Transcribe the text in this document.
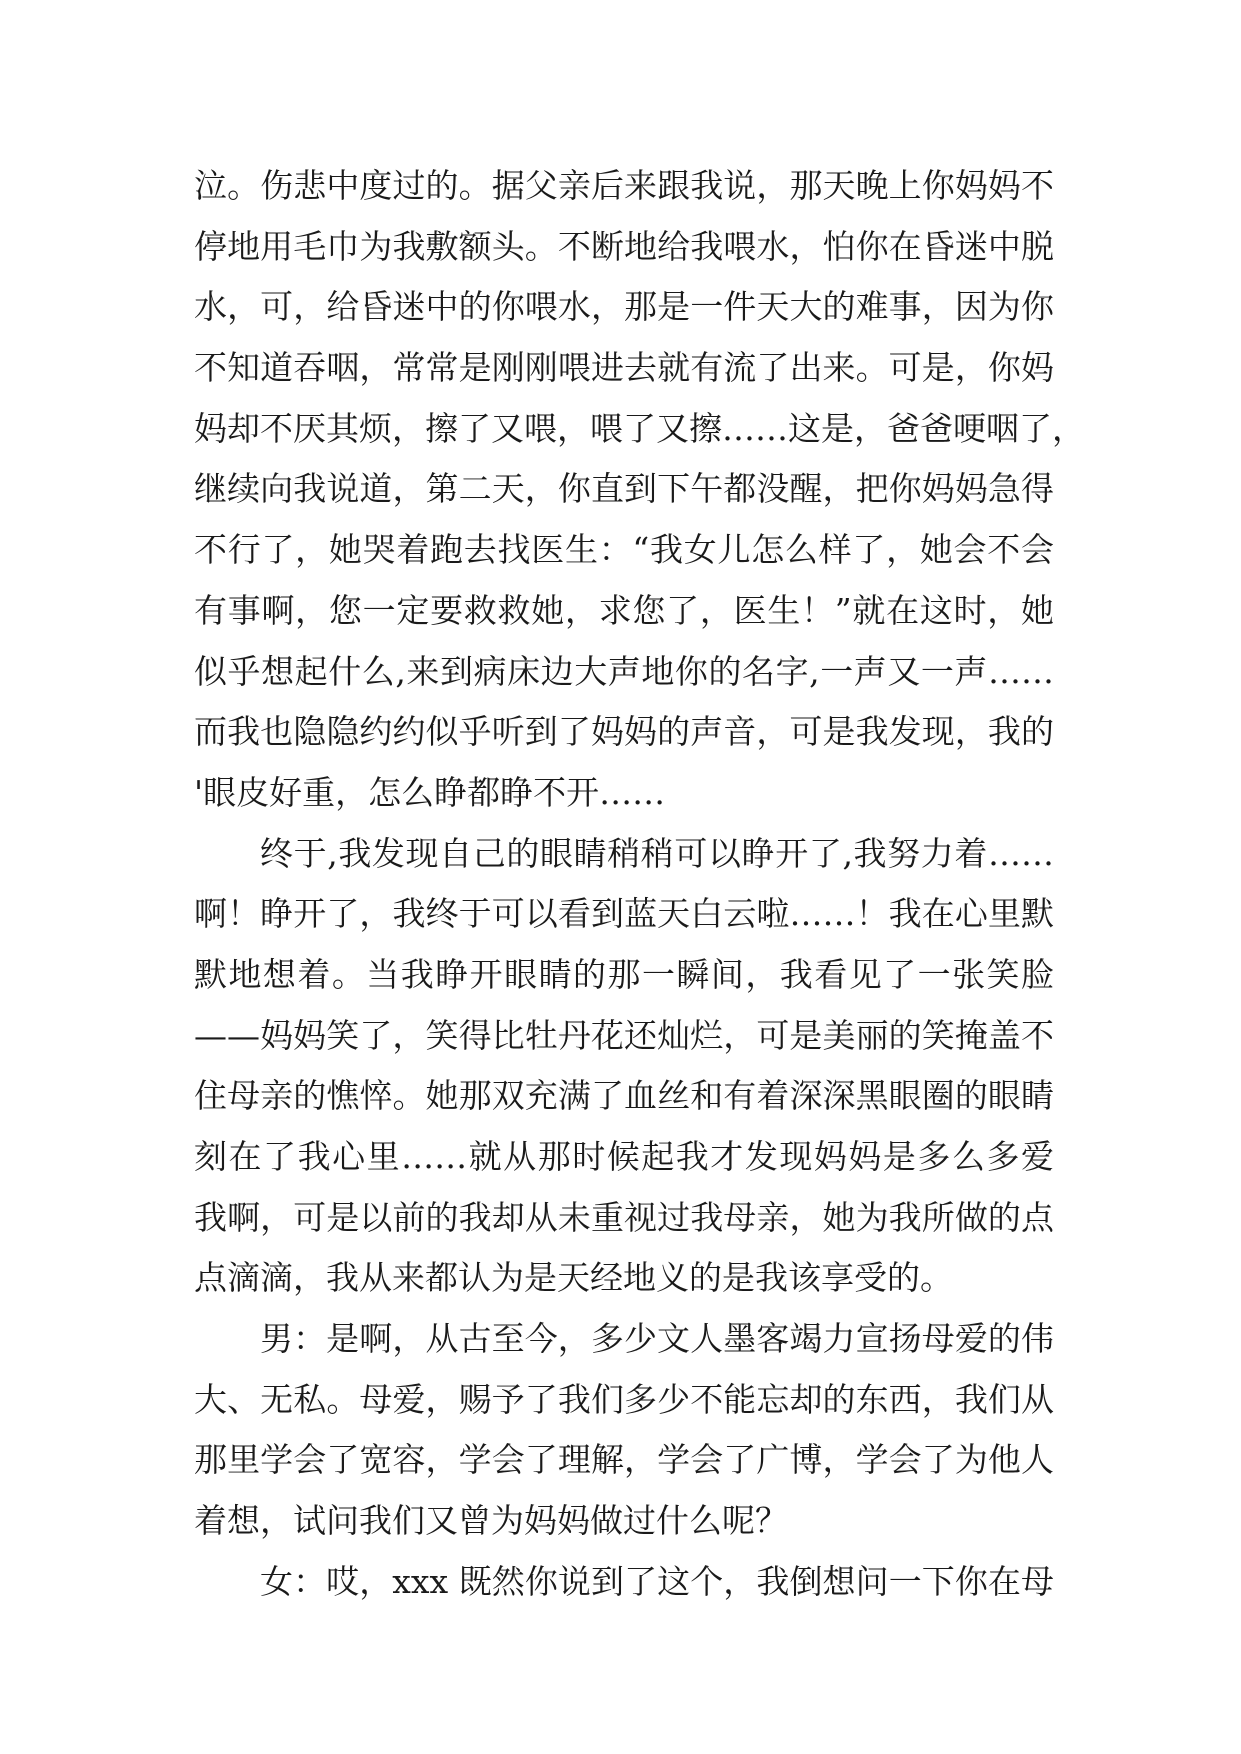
泣。伤悲中度过的。据父亲后来跟我说，那天晚上你妈妈不
停地用毛巾为我敷额头。不断地给我喂水，怕你在昏迷中脱
水，可，给昏迷中的你喂水，那是一件天大的难事，因为你
不知道吞咽，常常是刚刚喂进去就有流了出来。可是，你妈
妈却不厌其烦，擦了又喂，喂了又擦……这是，爸爸哽咽了，
继续向我说道，第二天，你直到下午都没醒，把你妈妈急得
不行了，她哭着跑去找医生：“我女儿怎么样了，她会不会
有事啊，您一定要救救她，求您了，医生！”就在这时，她
似乎想起什么,来到病床边大声地你的名字,一声又一声……
而我也隐隐约约似乎听到了妈妈的声音，可是我发现，我的
'眼皮好重，怎么睁都睁不开……
终于,我发现自己的眼睛稍稍可以睁开了,我努力着……
啊！睁开了，我终于可以看到蓝天白云啦……！我在心里默
默地想着。当我睁开眼睛的那一瞬间，我看见了一张笑脸
——妈妈笑了，笑得比牡丹花还灿烂，可是美丽的笑掩盖不
住母亲的憔悴。她那双充满了血丝和有着深深黑眼圈的眼睛
刻在了我心里……就从那时候起我才发现妈妈是多么多爱
我啊，可是以前的我却从未重视过我母亲，她为我所做的点
点滴滴，我从来都认为是天经地义的是我该享受的。
男：是啊，从古至今，多少文人墨客竭力宣扬母爱的伟
大、无私。母爱，赐予了我们多少不能忘却的东西，我们从
那里学会了宽容，学会了理解，学会了广博，学会了为他人
着想，试问我们又曾为妈妈做过什么呢？
女：哎，xxx 既然你说到了这个，我倒想问一下你在母
